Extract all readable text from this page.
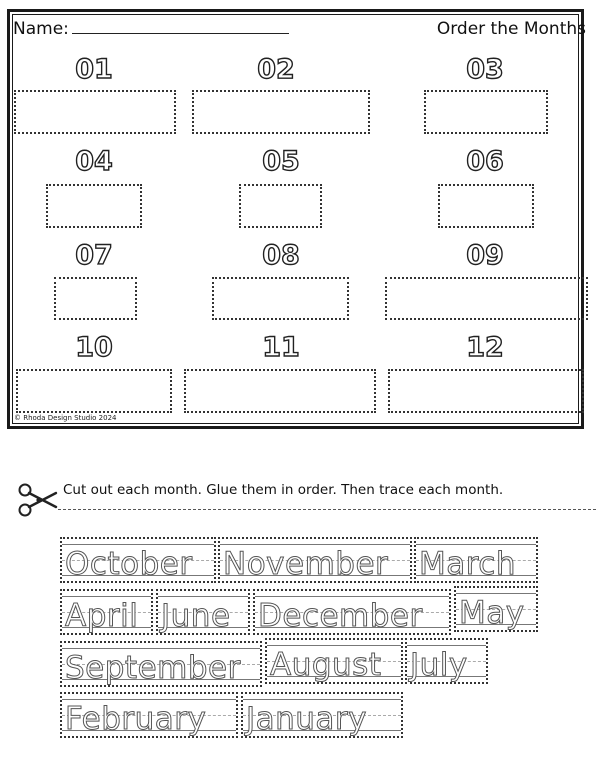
Name:	Order the Months
01	02	03
04	05	06
07	08	09
10	11	12
© Rhoda Design Studio 2024
Cut out each month. Glue them in order. Then trace each month.
October November March
April June December May
September August July
February January
